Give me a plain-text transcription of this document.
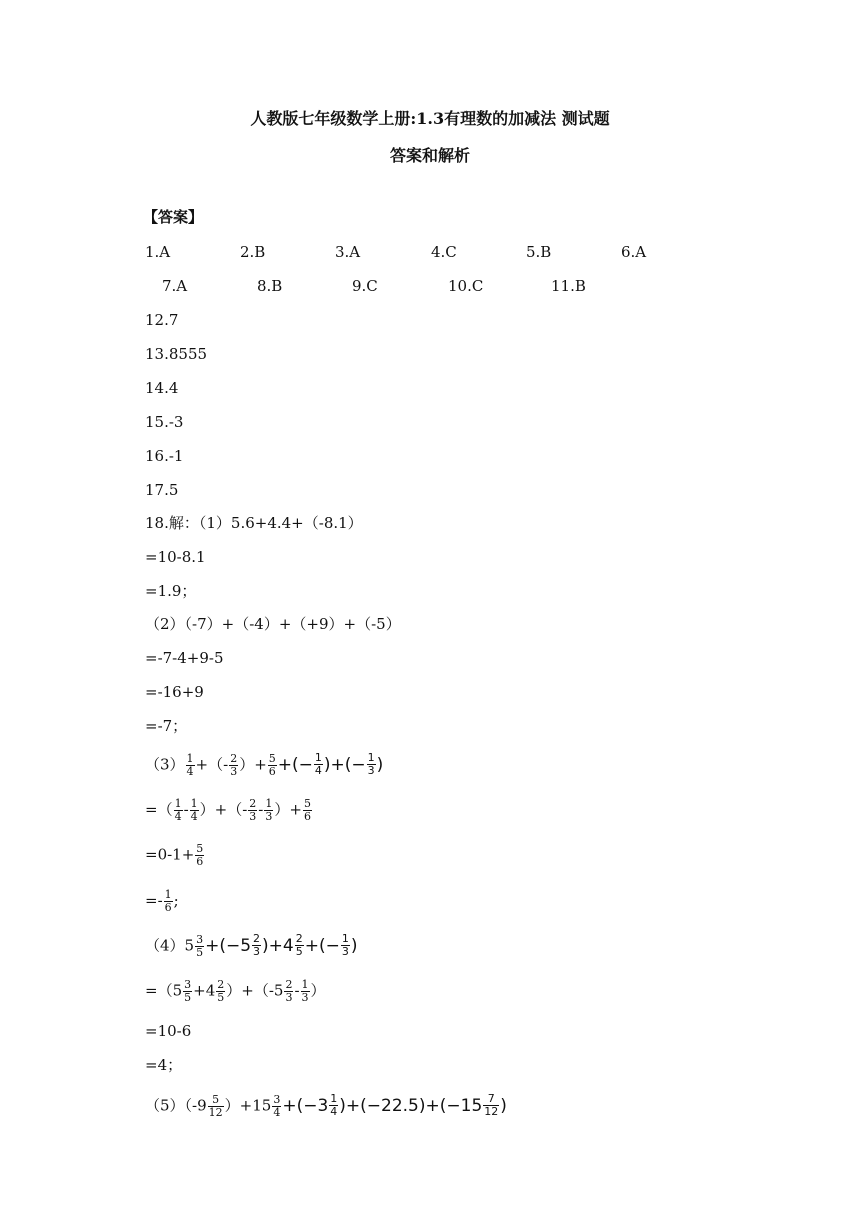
人教版七年级数学上册:1.3有理数的加减法 测试题
答案和解析
【答案】
1.A	2.B	3.A	4.C	5.B	6.A
7.A	8.B	9.C	10.C	11.B
12.7
13.8555
14.4
15.-3
16.-1
17.5
18.解：（1）5.6+4.4+（-8.1）
=10-8.1
=1.9；
（2）（-7）+（-4）+（+9）+（-5）
=-7-4+9-5
=-16+9
=-7；
$(3) \frac{1}{4}$ +（- $\frac{2}{3}$ ）+ $\frac{5}{6}$ +(− $\frac{1}{4}$ )+(− $\frac{1}{3}$ )
=（ $\frac{1}{4} - \frac{1}{4}$ ）+（- $\frac{2}{3} - \frac{1}{3}$ ）+ $\frac{5}{6}$
$=0-1+ \frac{5}{6}$
=- $\frac{1}{6}$ ;
$(4)5 \frac{3}{5} +(-5 \frac{2}{3} )+4 \frac{2}{5}$ +(− $\frac{1}{3}$ )
$=(5 \frac{3}{5} +4 \frac{2}{5} )+(-5 \frac{2}{3} - \frac{1}{3}$ ）
=10-6
=4；
$(5)(-9 \frac{5}{12} )+15 \frac{3}{4} +(-3 \frac{1}{4} )+(-22.5)+(-15 \frac{7}{12}$ )
